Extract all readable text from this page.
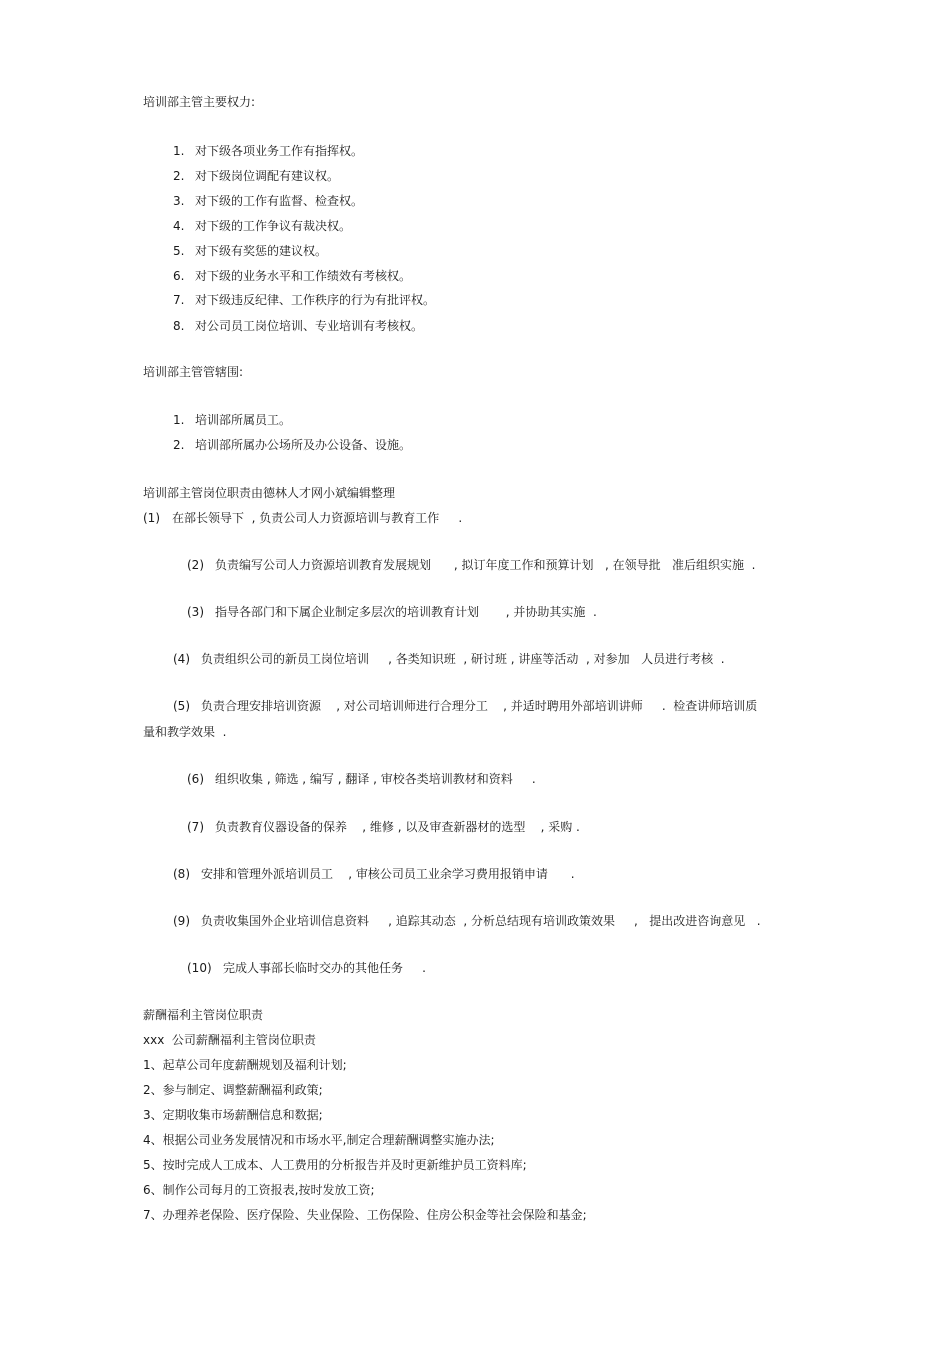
培训部主管主要权力:
1. 对下级各项业务工作有指挥权。
2. 对下级岗位调配有建议权。
3. 对下级的工作有监督、检查权。
4. 对下级的工作争议有裁决权。
5. 对下级有奖惩的建议权。
6. 对下级的业务水平和工作绩效有考核权。
7. 对下级违反纪律、工作秩序的行为有批评权。
8. 对公司员工岗位培训、专业培训有考核权。
培训部主管管辖围:
1. 培训部所属员工。
2. 培训部所属办公场所及办公设备、设施。
培训部主管岗位职责由德林人才网小斌编辑整理
(1) 在部长领导下  , 负责公司人力资源培训与教育工作     .
(2) 负责编写公司人力资源培训教育发展规划      , 拟订年度工作和预算计划   , 在领导批   准后组织实施  .
(3) 指导各部门和下属企业制定多层次的培训教育计划       , 并协助其实施  .
(4) 负责组织公司的新员工岗位培训     , 各类知识班  , 研讨班 , 讲座等活动  , 对参加   人员进行考核  .
(5) 负责合理安排培训资源    , 对公司培训师进行合理分工    , 并适时聘用外部培训讲师     .  检查讲师培训质
量和教学效果  .
(6) 组织收集 , 筛选 , 编写 , 翻译 , 审校各类培训教材和资料     .
(7) 负责教育仪器设备的保养    , 维修 , 以及审查新器材的选型    , 采购 .
(8) 安排和管理外派培训员工    , 审核公司员工业余学习费用报销申请      .
(9) 负责收集国外企业培训信息资料     , 追踪其动态  , 分析总结现有培训政策效果     ,   提出改进咨询意见   .
(10) 完成人事部长临时交办的其他任务     .
薪酬福利主管岗位职责
xxx  公司薪酬福利主管岗位职责
1、起草公司年度薪酬规划及福利计划;
2、参与制定、调整薪酬福利政策;
3、定期收集市场薪酬信息和数据;
4、根据公司业务发展情况和市场水平,制定合理薪酬调整实施办法;
5、按时完成人工成本、人工费用的分析报告并及时更新维护员工资料库;
6、制作公司每月的工资报表,按时发放工资;
7、办理养老保险、医疗保险、失业保险、工伤保险、住房公积金等社会保险和基金;
